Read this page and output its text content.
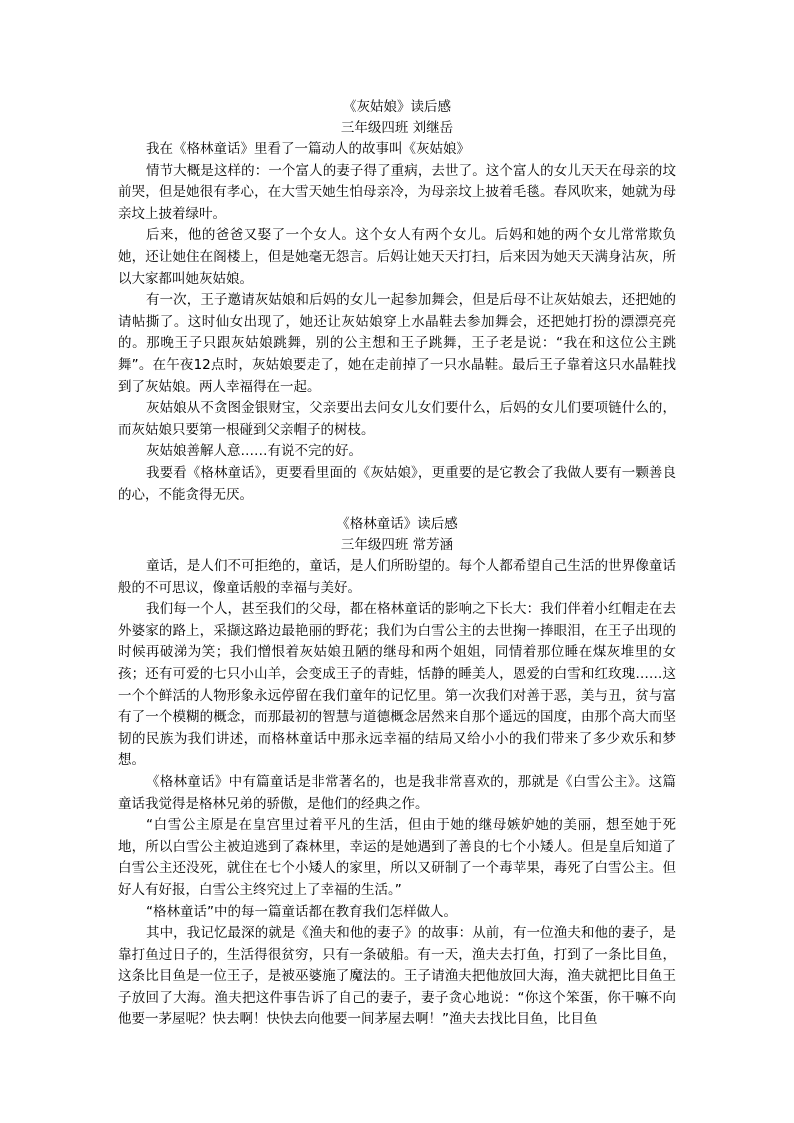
《灰姑娘》读后感
三年级四班 刘继岳

我在《格林童话》里看了一篇动人的故事叫《灰姑娘》

情节大概是这样的：一个富人的妻子得了重病，去世了。这个富人的女儿天天在母亲的坟前哭，但是她很有孝心，在大雪天她生怕母亲冷，为母亲坟上披着毛毯。春风吹来，她就为母亲坟上披着绿叶。

后来，他的爸爸又娶了一个女人。这个女人有两个女儿。后妈和她的两个女儿常常欺负她，还让她住在阁楼上，但是她毫无怨言。后妈让她天天打扫，后来因为她天天满身沾灰，所以大家都叫她灰姑娘。

有一次，王子邀请灰姑娘和后妈的女儿一起参加舞会，但是后母不让灰姑娘去，还把她的请帖撕了。这时仙女出现了，她还让灰姑娘穿上水晶鞋去参加舞会，还把她打扮的漂漂亮亮的。那晚王子只跟灰姑娘跳舞，别的公主想和王子跳舞，王子老是说：“我在和这位公主跳舞”。在午夜12点时，灰姑娘要走了，她在走前掉了一只水晶鞋。最后王子靠着这只水晶鞋找到了灰姑娘。两人幸福得在一起。

灰姑娘从不贪图金银财宝，父亲要出去问女儿女们要什么，后妈的女儿们要项链什么的，而灰姑娘只要第一根碰到父亲帽子的树枝。

灰姑娘善解人意……有说不完的好。

我要看《格林童话》，更要看里面的《灰姑娘》，更重要的是它教会了我做人要有一颗善良的心，不能贪得无厌。

《格林童话》读后感
三年级四班 常芳涵

童话，是人们不可拒绝的，童话，是人们所盼望的。每个人都希望自己生活的世界像童话般的不可思议，像童话般的幸福与美好。

我们每一个人，甚至我们的父母，都在格林童话的影响之下长大：我们伴着小红帽走在去外婆家的路上，采撷这路边最艳丽的野花；我们为白雪公主的去世掬一捧眼泪，在王子出现的时候再破涕为笑；我们憎恨着灰姑娘丑陋的继母和两个姐姐，同情着那位睡在煤灰堆里的女孩；还有可爱的七只小山羊，会变成王子的青蛙，恬静的睡美人，恩爱的白雪和红玫瑰……这一个个鲜活的人物形象永远停留在我们童年的记忆里。第一次我们对善于恶，美与丑，贫与富有了一个模糊的概念，而那最初的智慧与道德概念居然来自那个遥远的国度，由那个高大而坚韧的民族为我们讲述，而格林童话中那永远幸福的结局又给小小的我们带来了多少欢乐和梦想。

《格林童话》中有篇童话是非常著名的，也是我非常喜欢的，那就是《白雪公主》。这篇童话我觉得是格林兄弟的骄傲，是他们的经典之作。

“白雪公主原是在皇宫里过着平凡的生活，但由于她的继母嫉妒她的美丽，想至她于死地，所以白雪公主被迫逃到了森林里，幸运的是她遇到了善良的七个小矮人。但是皇后知道了白雪公主还没死，就住在七个小矮人的家里，所以又研制了一个毒苹果，毒死了白雪公主。但好人有好报，白雪公主终究过上了幸福的生活。”

“格林童话”中的每一篇童话都在教育我们怎样做人。

其中，我记忆最深的就是《渔夫和他的妻子》的故事：从前，有一位渔夫和他的妻子，是靠打鱼过日子的，生活得很贫穷，只有一条破船。有一天，渔夫去打鱼，打到了一条比目鱼，这条比目鱼是一位王子，是被巫婆施了魔法的。王子请渔夫把他放回大海，渔夫就把比目鱼王子放回了大海。渔夫把这件事告诉了自己的妻子，妻子贪心地说：“你这个笨蛋，你干嘛不向他要一茅屋呢？快去啊！快快去向他要一间茅屋去啊！”渔夫去找比目鱼，比目鱼
